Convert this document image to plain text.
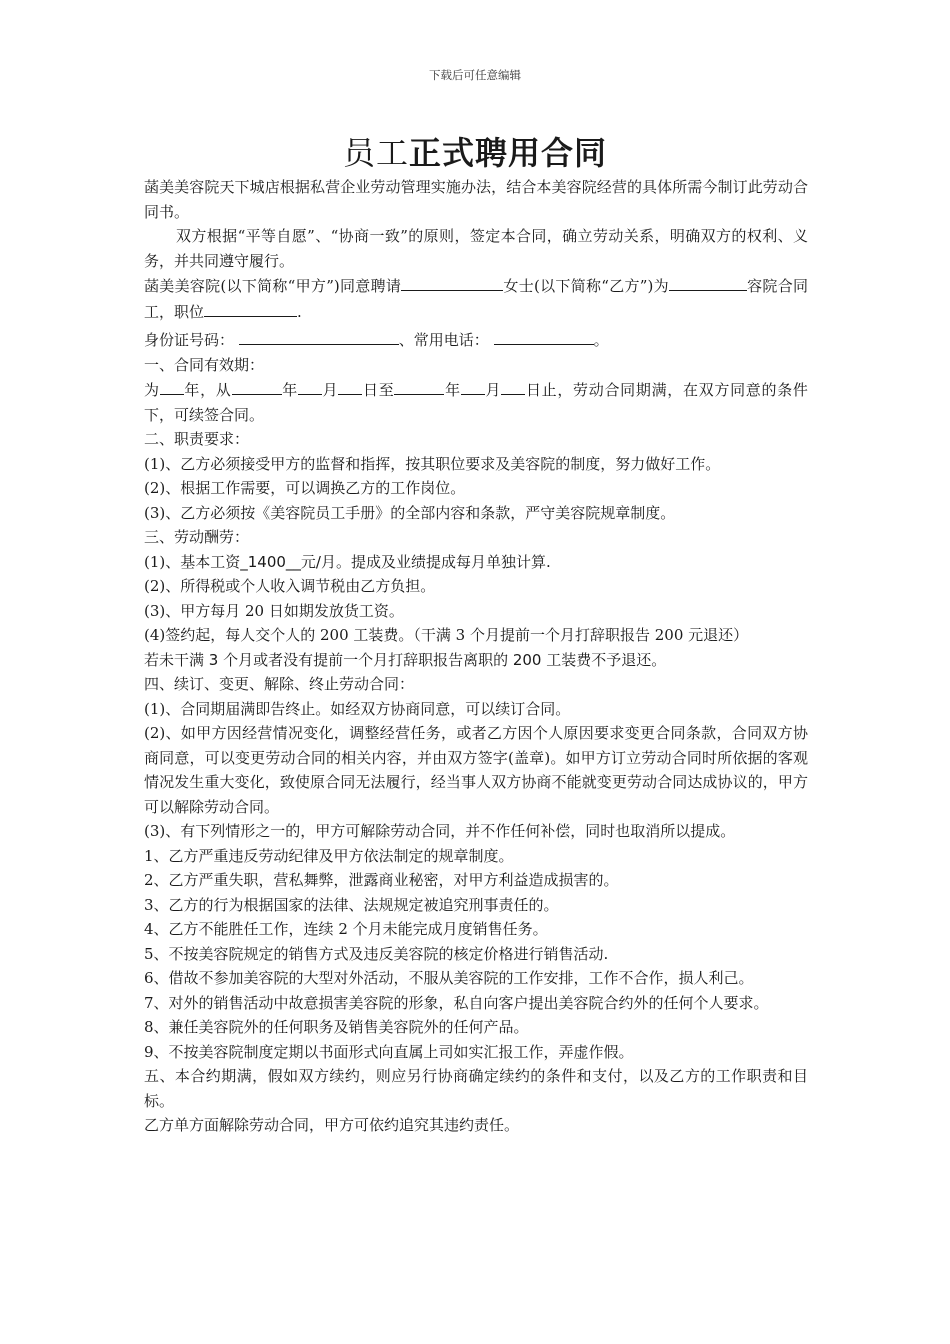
下载后可任意编辑
员工正式聘用合同

菡美美容院天下城店根据私营企业劳动管理实施办法，结合本美容院经营的具体所需今制订此劳动合同书。

双方根据“平等自愿”、“协商一致”的原则，签定本合同，确立劳动关系，明确双方的权利、义务，并共同遵守履行。

菡美美容院(以下简称“甲方”)同意聘请	女士(以下简称“乙方”)为	容院合同工，职位	.

身份证号码：	、常用电话：	。

一、合同有效期：

为 年，从	年 月 日至	年 月 日止，劳动合同期满，在双方同意的条件下，可续签合同。

二、职责要求：

(1)、乙方必须接受甲方的监督和指挥，按其职位要求及美容院的制度，努力做好工作。

(2)、根据工作需要，可以调换乙方的工作岗位。

(3)、乙方必须按《美容院员工手册》的全部内容和条款，严守美容院规章制度。

三、劳动酬劳：

(1)、基本工资_1400__元/月。提成及业绩提成每月单独计算.

(2)、所得税或个人收入调节税由乙方负担。

(3)、甲方每月 20 日如期发放货工资。

(4)签约起，每人交个人的 200 工装费。（干满 3 个月提前一个月打辞职报告 200 元退还）

若未干满 3 个月或者没有提前一个月打辞职报告离职的 200 工装费不予退还。

四、续订、变更、解除、终止劳动合同：

(1)、合同期届满即告终止。如经双方协商同意，可以续订合同。

(2)、如甲方因经营情况变化，调整经营任务，或者乙方因个人原因要求变更合同条款，合同双方协商同意，可以变更劳动合同的相关内容，并由双方签字(盖章)。如甲方订立劳动合同时所依据的客观情况发生重大变化，致使原合同无法履行，经当事人双方协商不能就变更劳动合同达成协议的，甲方可以解除劳动合同。

(3)、有下列情形之一的，甲方可解除劳动合同，并不作任何补偿，同时也取消所以提成。

1、乙方严重违反劳动纪律及甲方依法制定的规章制度。

2、乙方严重失职，营私舞弊，泄露商业秘密，对甲方利益造成损害的。

3、乙方的行为根据国家的法律、法规规定被追究刑事责任的。

4、乙方不能胜任工作，连续 2 个月未能完成月度销售任务。

5、不按美容院规定的销售方式及违反美容院的核定价格进行销售活动.

6、借故不参加美容院的大型对外活动，不服从美容院的工作安排，工作不合作，损人利己。

7、对外的销售活动中故意损害美容院的形象，私自向客户提出美容院合约外的任何个人要求。

8、兼任美容院外的任何职务及销售美容院外的任何产品。

9、不按美容院制度定期以书面形式向直属上司如实汇报工作，弄虚作假。

五、本合约期满，假如双方续约，则应另行协商确定续约的条件和支付，以及乙方的工作职责和目标。

乙方单方面解除劳动合同，甲方可依约追究其违约责任。
